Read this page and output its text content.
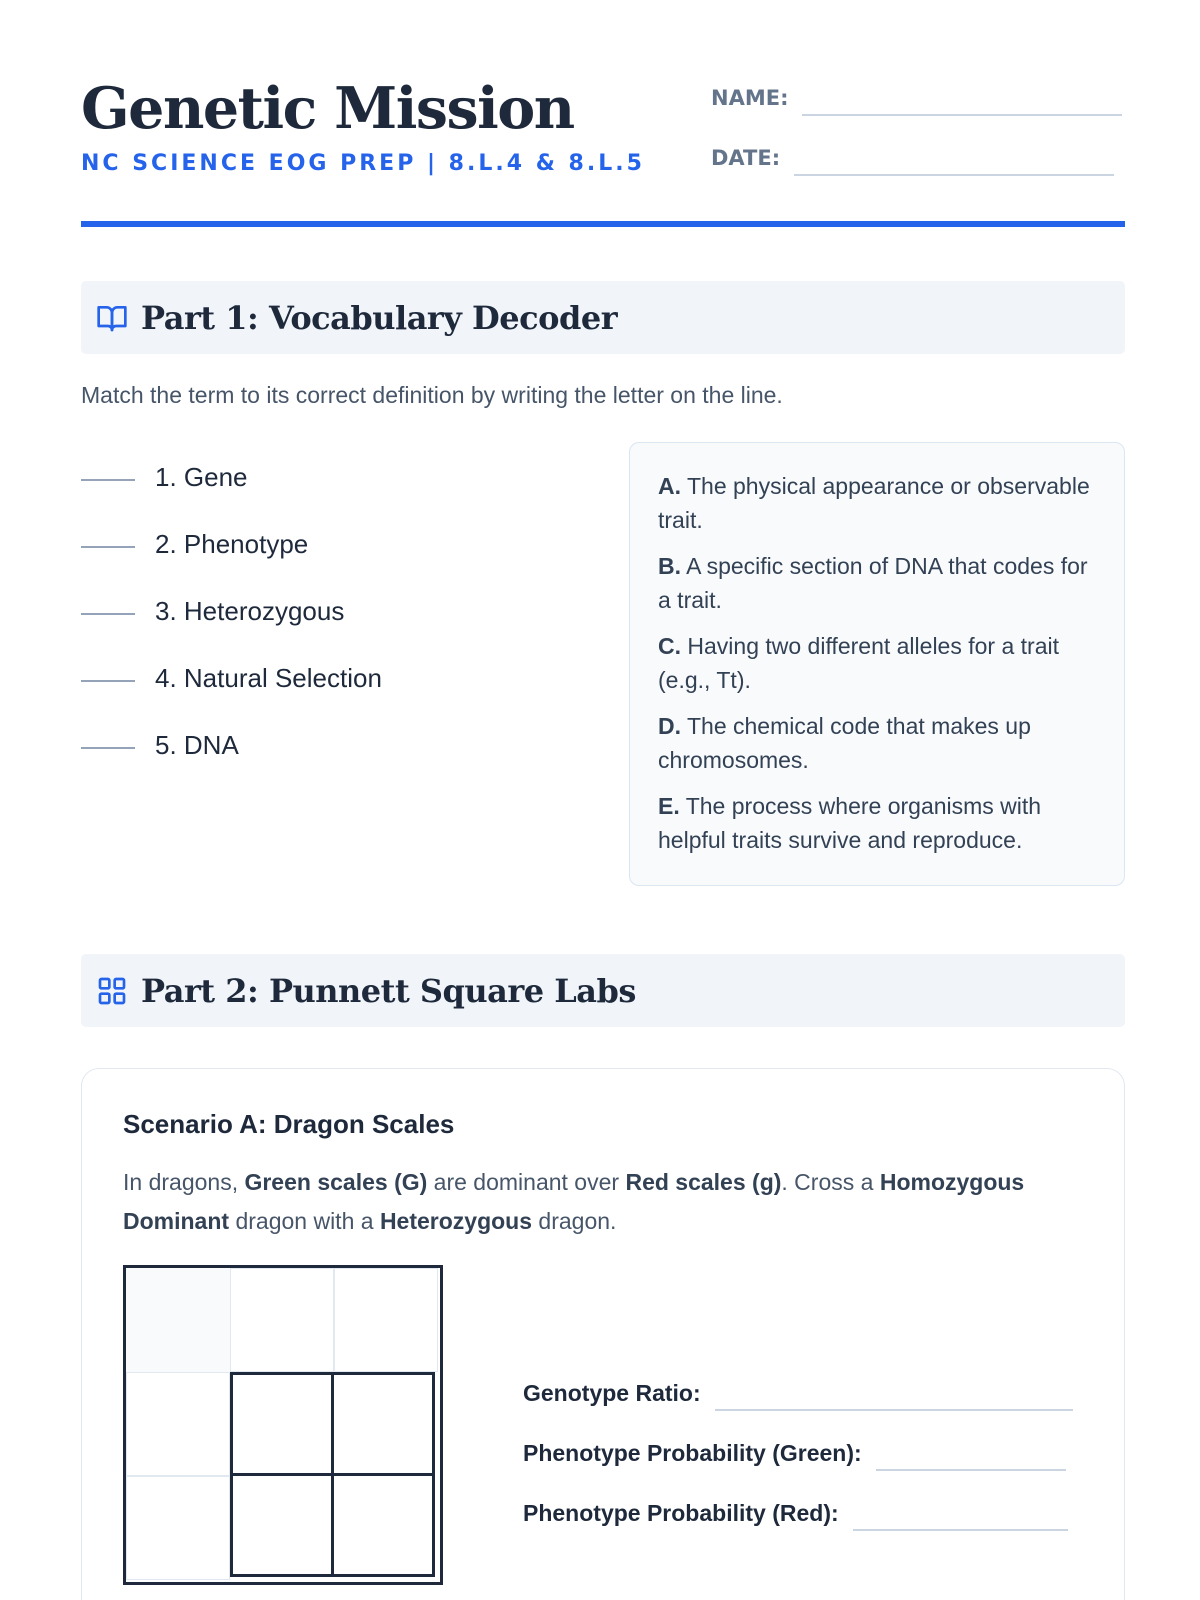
Genetic Mission
NC SCIENCE EOG PREP | 8.L.4 & 8.L.5
NAME:
DATE:
Part 1: Vocabulary Decoder
Match the term to its correct definition by writing the letter on the line.
1. Gene
2. Phenotype
3. Heterozygous
4. Natural Selection
5. DNA
A. The physical appearance or observable trait.
B. A specific section of DNA that codes for a trait.
C. Having two different alleles for a trait (e.g., Tt).
D. The chemical code that makes up chromosomes.
E. The process where organisms with helpful traits survive and reproduce.
Part 2: Punnett Square Labs
Scenario A: Dragon Scales
In dragons, Green scales (G) are dominant over Red scales (g). Cross a Homozygous Dominant dragon with a Heterozygous dragon.
Genotype Ratio:
Phenotype Probability (Green):
Phenotype Probability (Red):
